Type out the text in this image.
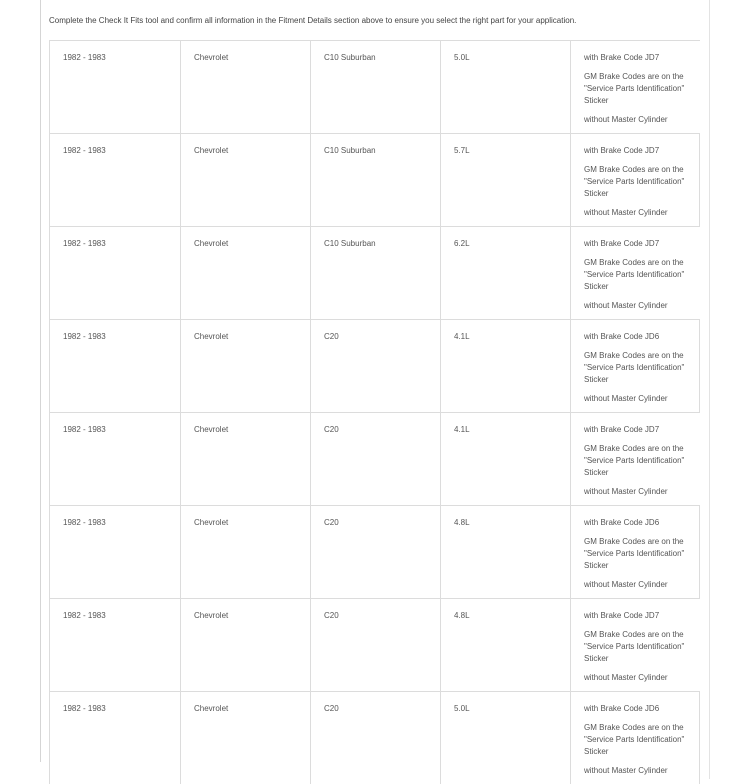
Complete the Check It Fits tool and confirm all information in the Fitment Details section above to ensure you select the right part for your application.

1982 - 1983	Chevrolet	C10 Suburban	5.0L	with Brake Code JD7

GM Brake Codes are on the "Service Parts Identification" Sticker

without Master Cylinder

1982 - 1983	Chevrolet	C10 Suburban	5.7L	with Brake Code JD7

GM Brake Codes are on the "Service Parts Identification" Sticker

without Master Cylinder

1982 - 1983	Chevrolet	C10 Suburban	6.2L	with Brake Code JD7

GM Brake Codes are on the "Service Parts Identification" Sticker

without Master Cylinder

1982 - 1983	Chevrolet	C20	4.1L	with Brake Code JD6

GM Brake Codes are on the "Service Parts Identification" Sticker

without Master Cylinder

1982 - 1983	Chevrolet	C20	4.1L	with Brake Code JD7

GM Brake Codes are on the "Service Parts Identification" Sticker

without Master Cylinder

1982 - 1983	Chevrolet	C20	4.8L	with Brake Code JD6

GM Brake Codes are on the "Service Parts Identification" Sticker

without Master Cylinder

1982 - 1983	Chevrolet	C20	4.8L	with Brake Code JD7

GM Brake Codes are on the "Service Parts Identification" Sticker

without Master Cylinder

1982 - 1983	Chevrolet	C20	5.0L	with Brake Code JD6

GM Brake Codes are on the "Service Parts Identification" Sticker

without Master Cylinder
